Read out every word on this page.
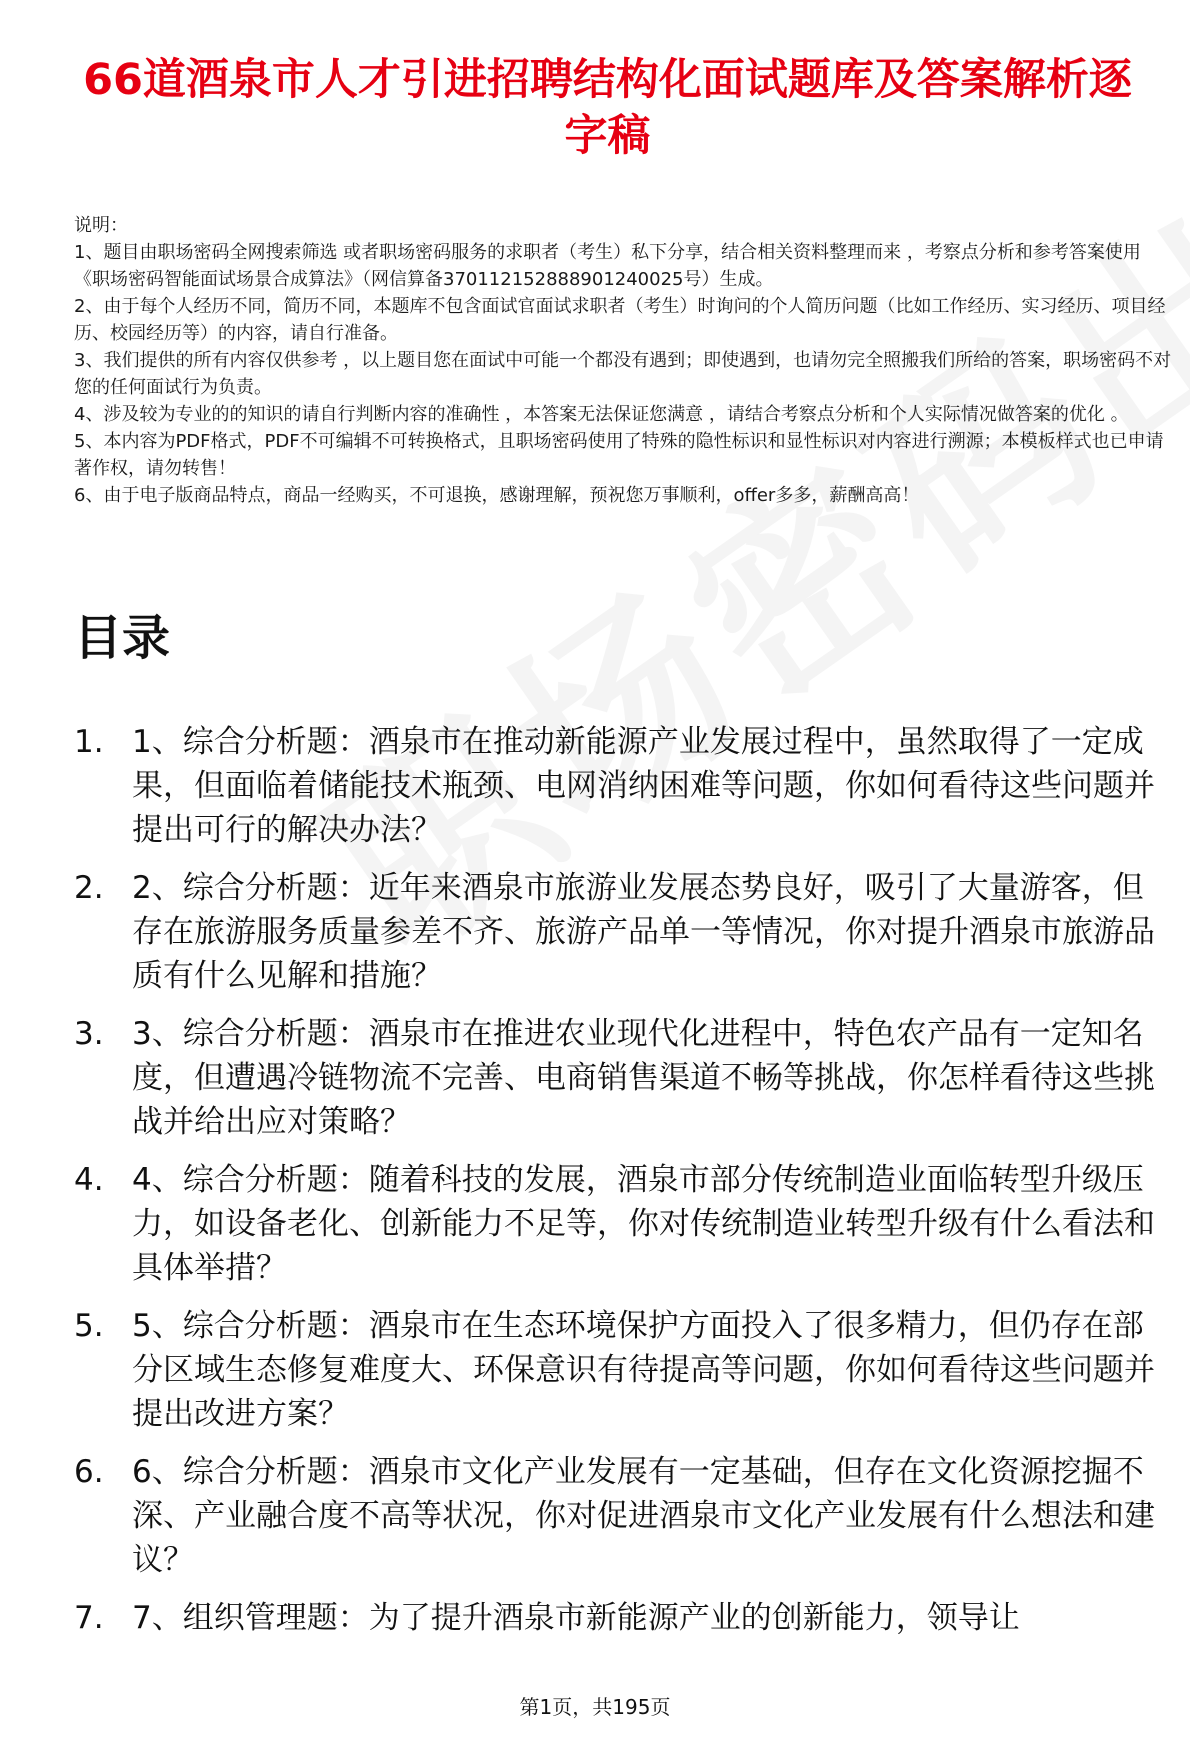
66道酒泉市人才引进招聘结构化面试题库及答案解析逐字稿
说明：
1、题目由职场密码全网搜索筛选 或者职场密码服务的求职者（考生）私下分享，结合相关资料整理而来 ，考察点分析和参考答案使用《职场密码智能面试场景合成算法》（网信算备370112152888901240025号）生成。
2、由于每个人经历不同，简历不同，本题库不包含面试官面试求职者（考生）时询问的个人简历问题（比如工作经历、实习经历、项目经历、校园经历等）的内容，请自行准备。
3、我们提供的所有内容仅供参考 ，以上题目您在面试中可能一个都没有遇到；即使遇到，也请勿完全照搬我们所给的答案，职场密码不对您的任何面试行为负责。
4、涉及较为专业的的知识的请自行判断内容的准确性 ，本答案无法保证您满意 ，请结合考察点分析和个人实际情况做答案的优化 。
5、本内容为PDF格式，PDF不可编辑不可转换格式，且职场密码使用了特殊的隐性标识和显性标识对内容进行溯源；本模板样式也已申请著作权，请勿转售！
6、由于电子版商品特点，商品一经购买，不可退换，感谢理解，预祝您万事顺利，offer多多，薪酬高高！
目录
1. 1、综合分析题：酒泉市在推动新能源产业发展过程中，虽然取得了一定成果，但面临着储能技术瓶颈、电网消纳困难等问题，你如何看待这些问题并提出可行的解决办法？
2. 2、综合分析题：近年来酒泉市旅游业发展态势良好，吸引了大量游客，但存在旅游服务质量参差不齐、旅游产品单一等情况，你对提升酒泉市旅游品质有什么见解和措施？
3. 3、综合分析题：酒泉市在推进农业现代化进程中，特色农产品有一定知名度，但遭遇冷链物流不完善、电商销售渠道不畅等挑战，你怎样看待这些挑战并给出应对策略？
4. 4、综合分析题：随着科技的发展，酒泉市部分传统制造业面临转型升级压力，如设备老化、创新能力不足等，你对传统制造业转型升级有什么看法和具体举措？
5. 5、综合分析题：酒泉市在生态环境保护方面投入了很多精力，但仍存在部分区域生态修复难度大、环保意识有待提高等问题，你如何看待这些问题并提出改进方案？
6. 6、综合分析题：酒泉市文化产业发展有一定基础，但存在文化资源挖掘不深、产业融合度不高等状况，你对促进酒泉市文化产业发展有什么想法和建议？
7. 7、组织管理题：为了提升酒泉市新能源产业的创新能力，领导让
第1页，共195页
